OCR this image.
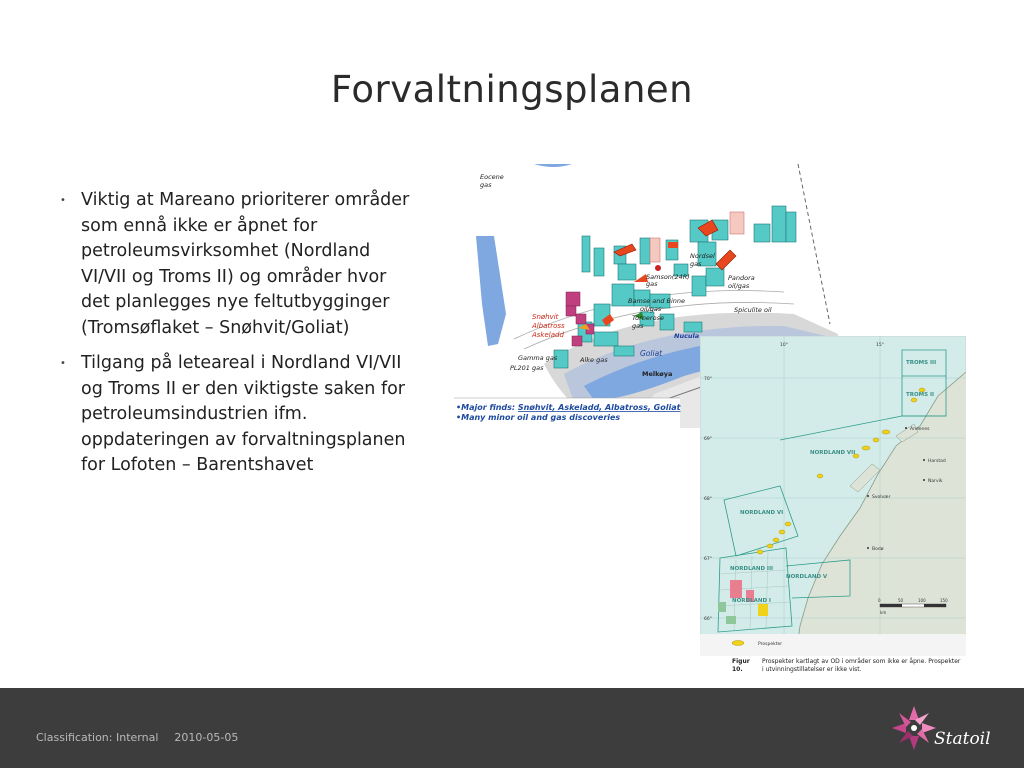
Forvaltningsplanen
• Viktig at Mareano prioriterer områder som ennå ikke er åpnet for petroleumsvirksomhet (Nordland VI/VII og Troms II) og områder hvor det planlegges nye feltutbygginger (Tromsøflaket – Snøhvit/Goliat)
• Tilgang på leteareal i Nordland VI/VII og Troms II er den viktigste saken for petroleumsindustrien ifm. oppdateringen av forvaltningsplanen for Lofoten – Barentshavet
Eocene
gas
Nordsel
gas
Samson(24R)
gas
Pandora
oil/gas
Bamse and Binne
oil/gas	Spiculite oil
Tornerose
gas
Gamma gas	Alke gas
PL201 gas
Snøhvit
Albatross
Askeladd	Nucula
Goliat
Melkøya
•Major finds: Snøhvit, Askeladd, Albatross, Goliat
•Many minor oil and gas discoveries
TROMS III
TROMS II
NORDLAND VII
NORDLAND VI
NORDLAND V
NORDLAND III
NORDLAND I
Andenes
Harstad
Narvik
Svolvær
Bodø
70°
69°
68°
67°
66°
10°	15°
0	50	100	150
km
Prospekter
Figur 10.Prospekter kartlagt av OD i områder som ikke er åpne. Prospekter i utvinningstillatelser er ikke vist.
Classification: Internal 2010-05-05	Statoil
